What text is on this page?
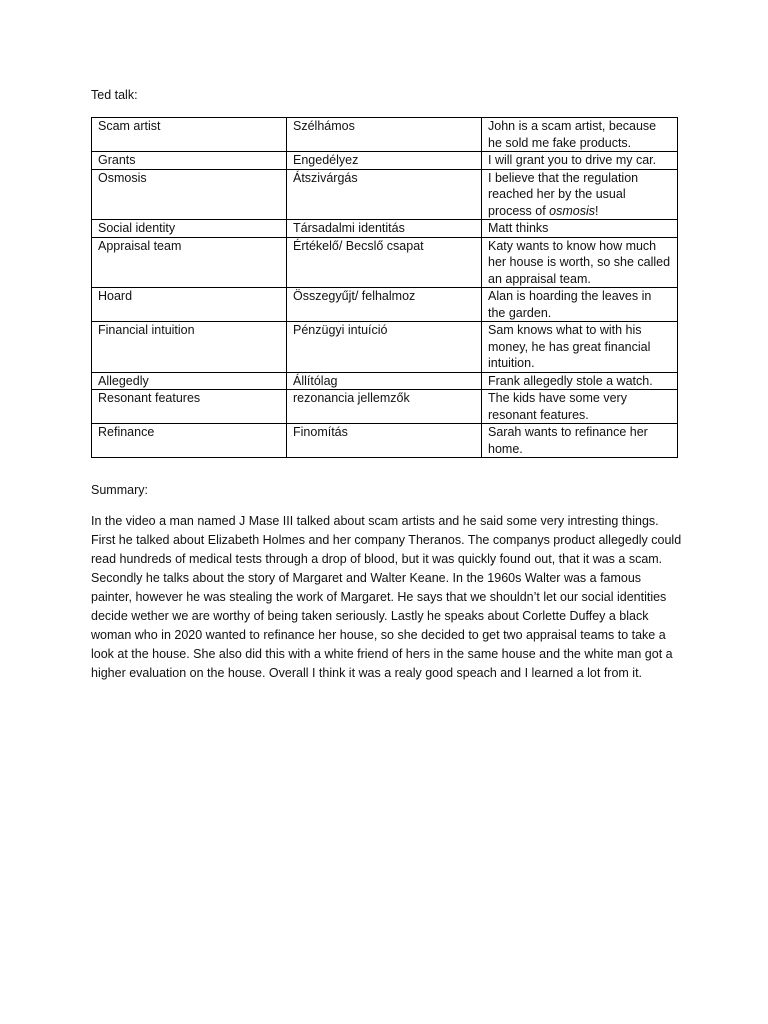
Ted talk:
Scam artist	Szélhámos	John is a scam artist, because he sold me fake products.
Grants	Engedélyez	I will grant you to drive my car.
Osmosis	Átszivárgás	I believe that the regulation reached her by the usual process of osmosis!
Social identity	Társadalmi identitás	Matt thinks
Appraisal team	Értékelő/ Becslő csapat	Katy wants to know how much her house is worth, so she called an appraisal team.
Hoard	Összegyűjt/ felhalmoz	Alan is hoarding the leaves in the garden.
Financial intuition	Pénzügyi intuíció	Sam knows what to with his money, he has great financial intuition.
Allegedly	Állítólag	Frank allegedly stole a watch.
Resonant features	rezonancia jellemzők	The kids have some very resonant features.
Refinance	Finomítás	Sarah wants to refinance her home.
Summary:
In the video a man named J Mase III talked about scam artists and he said some very intresting things. First he talked about Elizabeth Holmes and her company Theranos. The companys product allegedly could read hundreds of medical tests through a drop of blood, but it was quickly found out, that it was a scam. Secondly he talks about the story of Margaret and Walter Keane. In the 1960s Walter was a famous painter, however he was stealing the work of Margaret. He says that we shouldn’t let our social identities decide wether we are worthy of being taken seriously. Lastly he speaks about Corlette Duffey a black woman who in 2020 wanted to refinance her house, so she decided to get two appraisal teams to take a look at the house. She also did this with a white friend of hers in the same house and the white man got a higher evaluation on the house. Overall I think it was a realy good speach and I learned a lot from it.
